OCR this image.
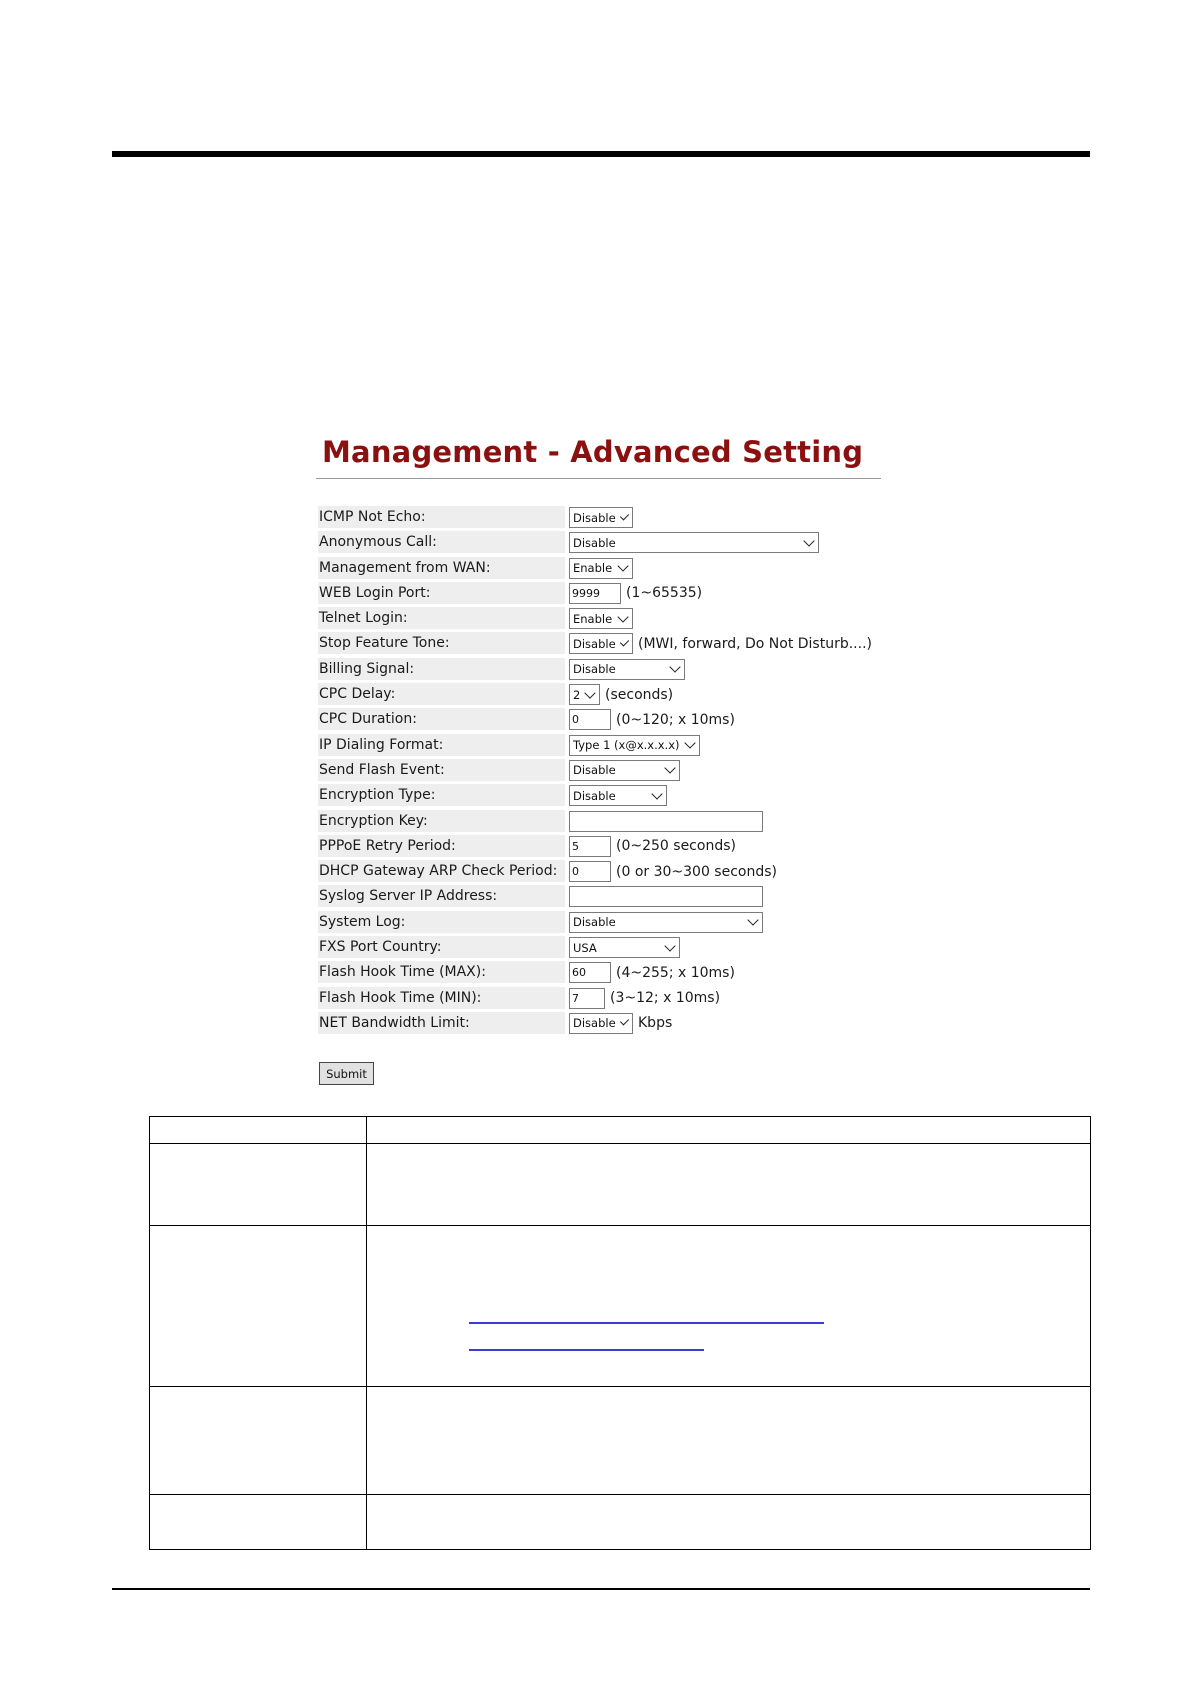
Management - Advanced Setting
ICMP Not Echo:	Disable
Anonymous Call:	Disable
Management from WAN:	Enable
WEB Login Port:	9999	(1~65535)
Telnet Login:	Enable
Stop Feature Tone:	Disable (MWI, forward, Do Not Disturb....)
Billing Signal:	Disable
CPC Delay:	2 (seconds)
CPC Duration:	0	(0~120; x 10ms)
IP Dialing Format:	Type 1 (x@x.x.x.x)
Send Flash Event:	Disable
Encryption Type:	Disable
Encryption Key:
PPPoE Retry Period:	5	(0~250 seconds)
DHCP Gateway ARP Check Period:	0	(0 or 30~300 seconds)
Syslog Server IP Address:
System Log:	Disable
FXS Port Country:	USA
Flash Hook Time (MAX):	60	(4~255; x 10ms)
Flash Hook Time (MIN):	7	(3~12; x 10ms)
NET Bandwidth Limit:	Disable Kbps
Submit
